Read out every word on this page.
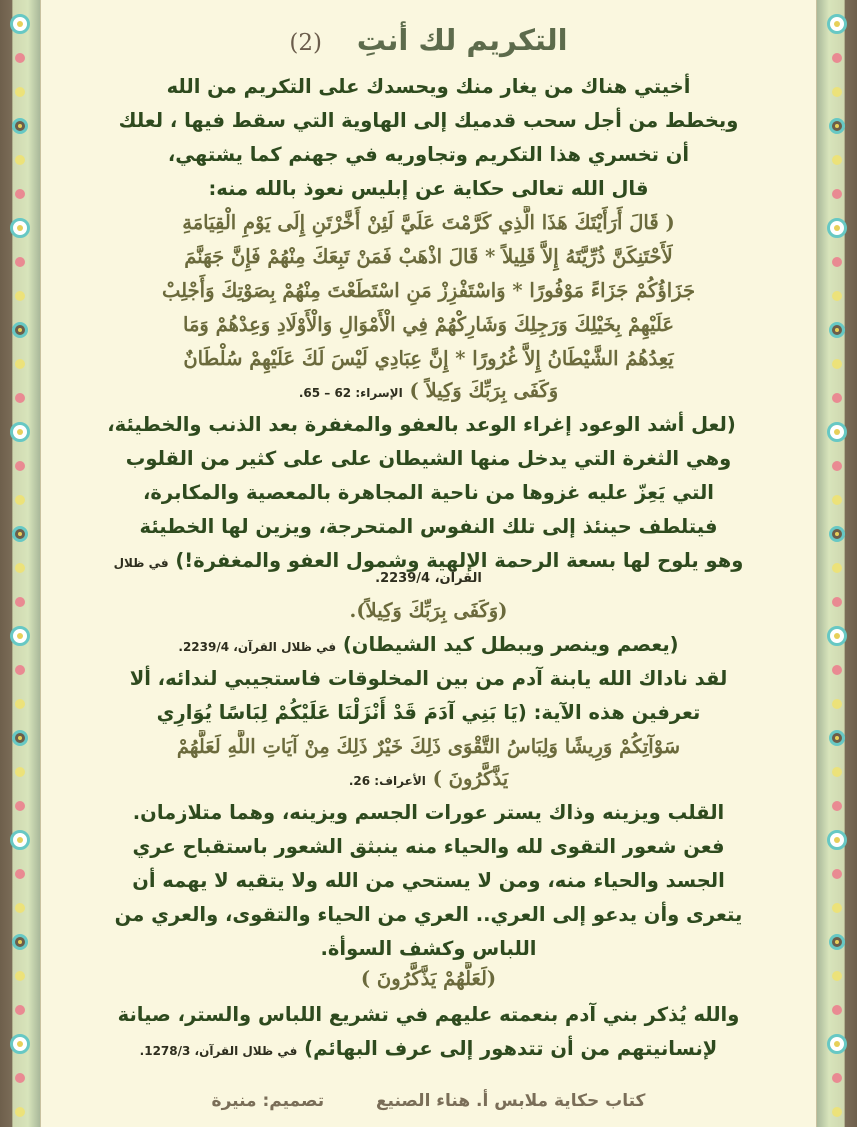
التكريم لك أنتِ (2)
أخيتي هناك من يغار منك ويحسدك على التكريم من الله
ويخطط من أجل سحب قدميك إلى الهاوية التي سقط فيها ، لعلك
أن تخسري هذا التكريم وتجاوريه في جهنم كما يشتهي،
قال الله تعالى حكاية عن إبليس نعوذ بالله منه:
( قَالَ أَرَأَيْتَكَ هَذَا الَّذِي كَرَّمْتَ عَلَيَّ لَئِنْ أَخَّرْتَنِ إِلَى يَوْمِ الْقِيَامَةِ
لَأَحْتَنِكَنَّ ذُرِّيَّتَهُ إِلاَّ قَلِيلاً * قَالَ اذْهَبْ فَمَنْ تَبِعَكَ مِنْهُمْ فَإِنَّ جَهَنَّمَ
جَزَاؤُكُمْ جَزَاءً مَوْفُورًا * وَاسْتَفْزِزْ مَنِ اسْتَطَعْتَ مِنْهُمْ بِصَوْتِكَ وَأَجْلِبْ
عَلَيْهِمْ بِخَيْلِكَ وَرَجِلِكَ وَشَارِكْهُمْ فِي الْأَمْوَالِ وَالْأَوْلَادِ وَعِدْهُمْ وَمَا
يَعِدُهُمُ الشَّيْطَانُ إِلاَّ غُرُورًا * إِنَّ عِبَادِي لَيْسَ لَكَ عَلَيْهِمْ سُلْطَانٌ
وَكَفَى بِرَبِّكَ وَكِيلاً ) الإسراء: 62 – 65.
(لعل أشد الوعود إغراء الوعد بالعفو والمغفرة بعد الذنب والخطيئة،
وهي الثغرة التي يدخل منها الشيطان على على كثير من القلوب
التي يَعِزّ عليه غزوها من ناحية المجاهرة بالمعصية والمكابرة،
فيتلطف حينئذ إلى تلك النفوس المتحرجة، ويزين لها الخطيئة
وهو يلوح لها بسعة الرحمة الإلهية وشمول العفو والمغفرة!) في ظلال
القرآن، 2239/4.
(وَكَفَى بِرَبِّكَ وَكِيلاً).
(يعصم وينصر ويبطل كيد الشيطان) في ظلال القرآن، 2239/4.
لقد ناداك الله يابنة آدم من بين المخلوقات فاستجيبي لندائه، ألا
تعرفين هذه الآية: (يَا بَنِي آدَمَ قَدْ أَنْزَلْنَا عَلَيْكُمْ لِبَاسًا يُوَارِي
سَوْآتِكُمْ وَرِيشًا وَلِبَاسُ التَّقْوَى ذَلِكَ خَيْرٌ ذَلِكَ مِنْ آيَاتِ اللَّهِ لَعَلَّهُمْ
يَذَّكَّرُونَ ) الأعراف: 26.
القلب ويزينه وذاك يستر عورات الجسم ويزينه، وهما متلازمان.
فعن شعور التقوى لله والحياء منه ينبثق الشعور باستقباح عري
الجسد والحياء منه، ومن لا يستحي من الله ولا يتقيه لا يهمه أن
يتعرى وأن يدعو إلى العري.. العري من الحياء والتقوى، والعري من
اللباس وكشف السوأة.
(لَعَلَّهُمْ يَذَّكَّرُونَ )
والله يُذكر بني آدم بنعمته عليهم في تشريع اللباس والستر، صيانة
لإنسانيتهم من أن تتدهور إلى عرف البهائم) في ظلال القرآن، 1278/3.
كتاب حكاية ملابس أ. هناء الصنيع  تصميم: منيرة
